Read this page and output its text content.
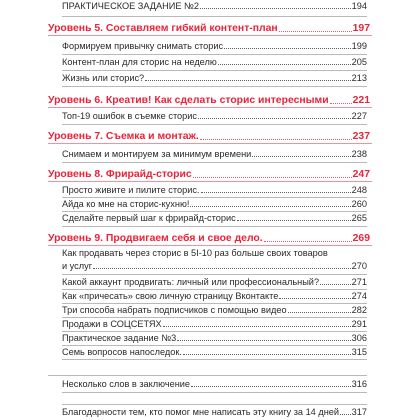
ПРАКТИЧЕСКОЕ ЗАДАНИЕ №2	194
Уровень 5. Составляем гибкий контент-план	197
Формируем привычку снимать сторис	199
Контент-план для сторис на неделю	205
Жизнь или сторис?	213
Уровень 6. Креатив! Как сделать сторис интересными 221
Топ-19 ошибок в съемке сторис	227
Уровень 7. Съемка и монтаж.	237
Снимаем и монтируем за минимум времени	238
Уровень 8. Фрирайд-сторис	247
Просто живите и пилите сторис.	248
Айда ко мне на сторис-кухню!	260
Сделайте первый шаг к фрирайд-сторис	265
Уровень 9. Продвигаем себя и свое дело.	269
Как продавать через сторис в 5I-10 раз больше своих товаров
и услуг	270
Какой аккаунт продвигать: личный или профессиональный?	271
Как «причесать» свою личную страницу Вконтакте	274
Три способа набрать подписчиков с помощью видео	282
Продажи в СОЦСЕТЯХ	291
Практическое задание №3	306
Семь вопросов напоследок.	315
Несколько слов в заключение	316
Благодарности тем, кто помог мне написать эту книгу за 14 дней 317
